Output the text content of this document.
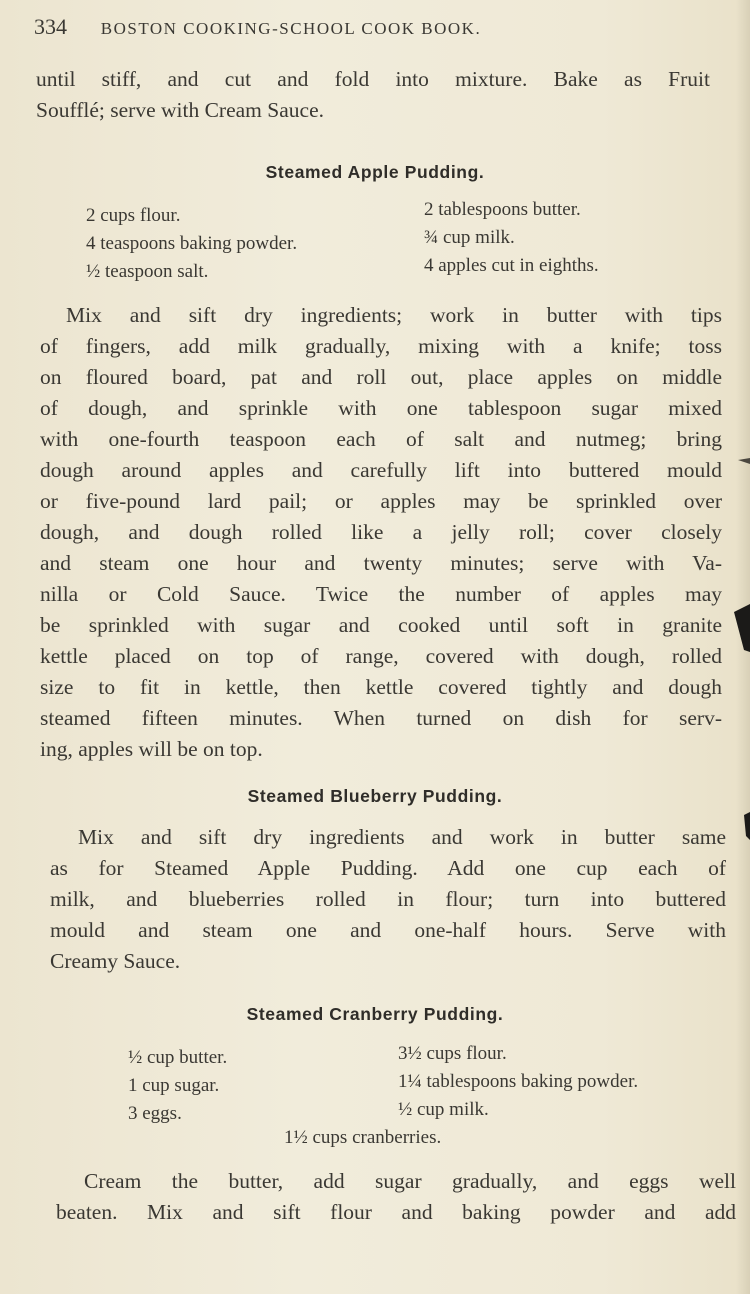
334 BOSTON COOKING-SCHOOL COOK BOOK.
until stiff, and cut and fold into mixture. Bake as Fruit
Soufflé; serve with Cream Sauce.
Steamed Apple Pudding.
2 cups flour.
4 teaspoons baking powder.
½ teaspoon salt.
2 tablespoons butter.
¾ cup milk.
4 apples cut in eighths.
Mix and sift dry ingredients; work in butter with tips
of fingers, add milk gradually, mixing with a knife; toss
on floured board, pat and roll out, place apples on middle
of dough, and sprinkle with one tablespoon sugar mixed
with one-fourth teaspoon each of salt and nutmeg; bring
dough around apples and carefully lift into buttered mould
or five-pound lard pail; or apples may be sprinkled over
dough, and dough rolled like a jelly roll; cover closely
and steam one hour and twenty minutes; serve with Va-
nilla or Cold Sauce. Twice the number of apples may
be sprinkled with sugar and cooked until soft in granite
kettle placed on top of range, covered with dough, rolled
size to fit in kettle, then kettle covered tightly and dough
steamed fifteen minutes. When turned on dish for serv-
ing, apples will be on top.
Steamed Blueberry Pudding.
Mix and sift dry ingredients and work in butter same
as for Steamed Apple Pudding. Add one cup each of
milk, and blueberries rolled in flour; turn into buttered
mould and steam one and one-half hours. Serve with
Creamy Sauce.
Steamed Cranberry Pudding.
½ cup butter.
1 cup sugar.
3 eggs.
3½ cups flour.
1¼ tablespoons baking powder.
½ cup milk.
1½ cups cranberries.
Cream the butter, add sugar gradually, and eggs well
beaten. Mix and sift flour and baking powder and add
